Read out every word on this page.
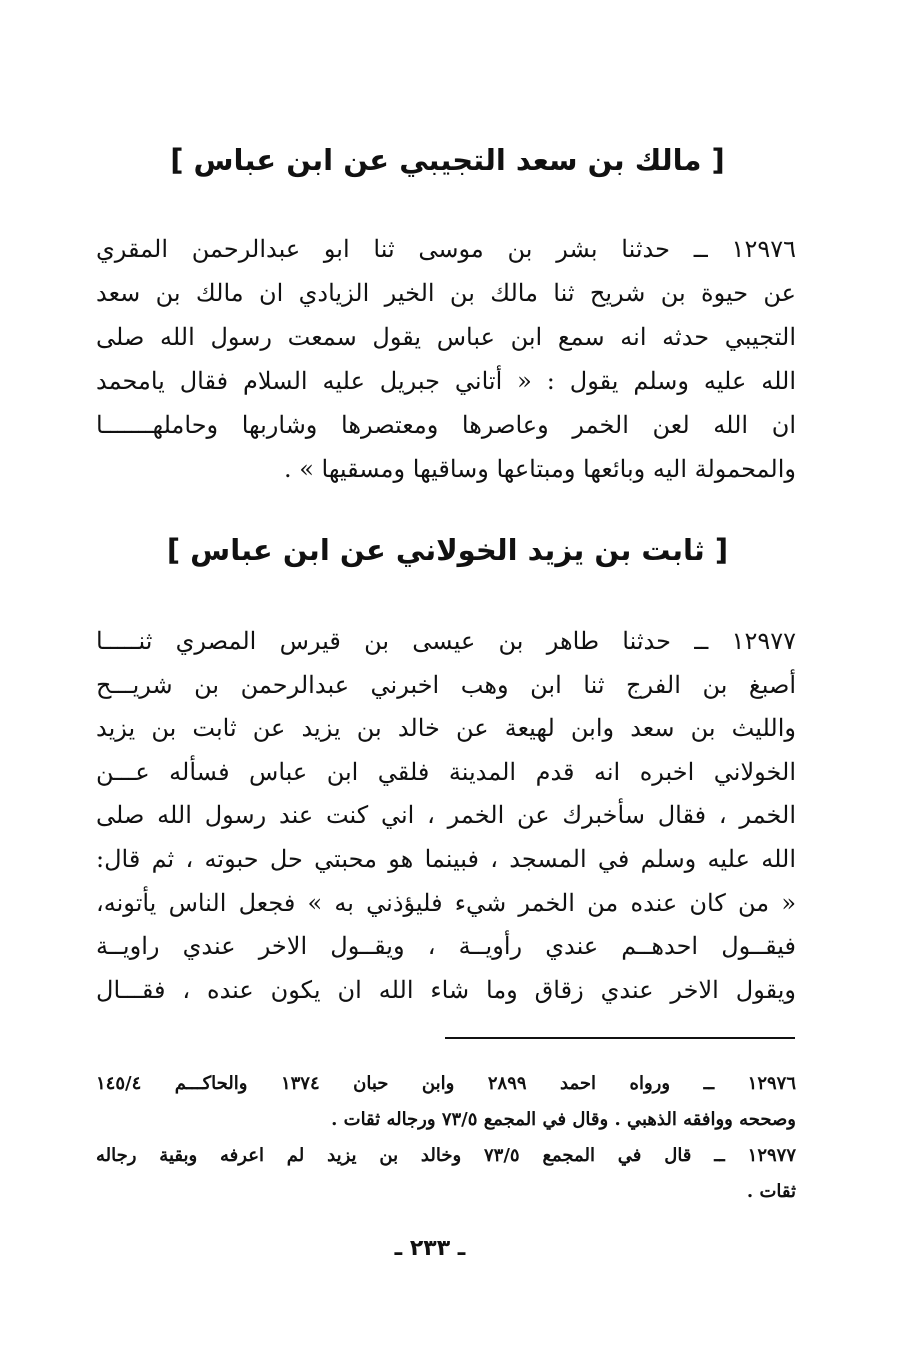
[ مالك بن سعد التجيبي عن ابن عباس ]
١٢٩٧٦ ــ حدثنا بشر بن موسى ثنا ابو عبدالرحمن المقري
عن حيوة بن شريح ثنا مالك بن الخير الزيادي ان مالك بن سعد
التجيبي حدثه انه سمع ابن عباس يقول سمعت رسول الله صلى
الله عليه وسلم يقول : « أتاني جبريل عليه السلام فقال يامحمد
ان الله لعن الخمر وعاصرها ومعتصرها وشاربها وحاملهـــــــا
والمحمولة اليه وبائعها ومبتاعها وساقيها ومسقيها » .
[ ثابت بن يزيد الخولاني عن ابن عباس ]
١٢٩٧٧ ــ حدثنا طاهر بن عيسى بن قيرس المصري ثنـــــا
أصبغ بن الفرج ثنا ابن وهب اخبرني عبدالرحمن بن شريـــح
والليث بن سعد وابن لهيعة عن خالد بن يزيد عن ثابت بن يزيد
الخولاني اخبره انه قدم المدينة فلقي ابن عباس فسأله عـــن
الخمر ، فقال سأخبرك عن الخمر ، اني كنت عند رسول الله صلى
الله عليه وسلم في المسجد ، فبينما هو محبتي حل حبوته ، ثم قال:
« من كان عنده من الخمر شيء فليؤذني به » فجعل الناس يأتونه،
فيقــول احدهــم عندي رأويــة ، ويقــول الاخر عندي راويــة
ويقول الاخر عندي زقاق وما شاء الله ان يكون عنده ، فقـــال
١٢٩٧٦ ــ ورواه احمد ٢٨٩٩ وابن حبان ١٣٧٤ والحاكـــم ١٤٥/٤
وصححه ووافقه الذهبي . وقال في المجمع ٧٣/٥ ورجاله ثقات .
١٢٩٧٧ ــ قال في المجمع ٧٣/٥ وخالد بن يزيد لم اعرفه وبقية رجاله
ثقات .
ـ ٢٣٣ ـ
